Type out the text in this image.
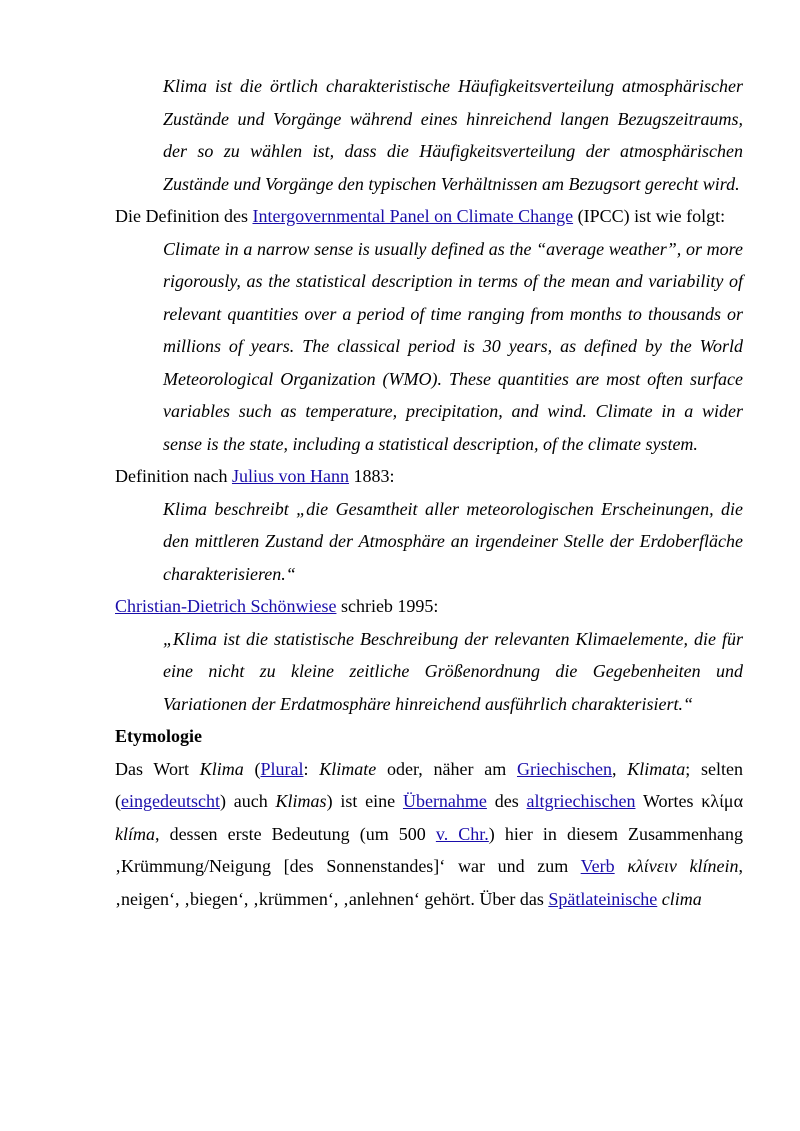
Klima ist die örtlich charakteristische Häufigkeitsverteilung atmosphärischer Zustände und Vorgänge während eines hinreichend langen Bezugszeitraums, der so zu wählen ist, dass die Häufigkeitsverteilung der atmosphärischen Zustände und Vorgänge den typischen Verhältnissen am Bezugsort gerecht wird.

Die Definition des Intergovernmental Panel on Climate Change (IPCC) ist wie folgt:

Climate in a narrow sense is usually defined as the “average weather”, or more rigorously, as the statistical description in terms of the mean and variability of relevant quantities over a period of time ranging from months to thousands or millions of years. The classical period is 30 years, as defined by the World Meteorological Organization (WMO). These quantities are most often surface variables such as temperature, precipitation, and wind. Climate in a wider sense is the state, including a statistical description, of the climate system.

Definition nach Julius von Hann 1883:

Klima beschreibt „die Gesamtheit aller meteorologischen Erscheinungen, die den mittleren Zustand der Atmosphäre an irgendeiner Stelle der Erdoberfläche charakterisieren.“

Christian-Dietrich Schönwiese schrieb 1995:

„Klima ist die statistische Beschreibung der relevanten Klimaelemente, die für eine nicht zu kleine zeitliche Größenordnung die Gegebenheiten und Variationen der Erdatmosphäre hinreichend ausführlich charakterisiert.“

Etymologie

Das Wort Klima (Plural: Klimate oder, näher am Griechischen, Klimata; selten (eingedeutscht) auch Klimas) ist eine Übernahme des altgriechischen Wortes κλίμα klíma, dessen erste Bedeutung (um 500 v. Chr.) hier in diesem Zusammenhang ‚Krümmung/Neigung [des Sonnenstandes]‘ war und zum Verb κλίνειν klínein, ‚neigen‘, ‚biegen‘, ‚krümmen‘, ‚anlehnen‘ gehört. Über das Spätlateinische clima
